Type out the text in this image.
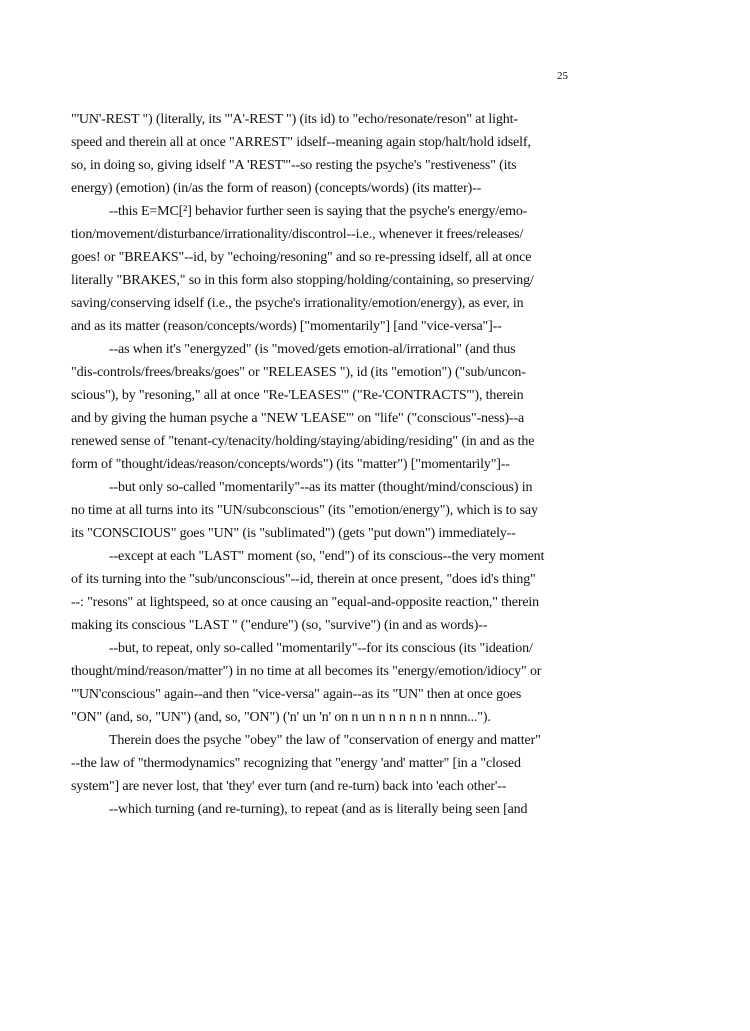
25
"'UN'-REST ") (literally, its "'A'-REST ") (its id) to "echo/resonate/reson" at light-
speed and therein all at once "ARREST" idself--meaning again stop/halt/hold idself,
so, in doing so, giving idself "A 'REST'"--so resting the psyche's "restiveness" (its
energy) (emotion) (in/as the form of reason) (concepts/words) (its matter)--
--this E=MC[²] behavior further seen is saying that the psyche's energy/emo-
tion/movement/disturbance/irrationality/discontrol--i.e., whenever it frees/releases/
goes! or "BREAKS"--id, by "echoing/resoning" and so re-pressing idself, all at once
literally "BRAKES," so in this form also stopping/holding/containing, so preserving/
saving/conserving idself (i.e., the psyche's irrationality/emotion/energy), as ever, in
and as its matter (reason/concepts/words) ["momentarily"] [and "vice-versa"]--
--as when it's "energyzed" (is "moved/gets emotion-al/irrational" (and thus
"dis-controls/frees/breaks/goes" or "RELEASES "), id (its "emotion") ("sub/uncon-
scious"), by "resoning," all at once "Re-'LEASES'" ("Re-'CONTRACTS'"), therein
and by giving the human psyche a "NEW 'LEASE'" on "life" ("conscious"-ness)--a
renewed sense of "tenant-cy/tenacity/holding/staying/abiding/residing" (in and as the
form of "thought/ideas/reason/concepts/words") (its "matter") ["momentarily"]--
--but only so-called "momentarily"--as its matter (thought/mind/conscious) in
no time at all turns into its "UN/subconscious" (its "emotion/energy"), which is to say
its "CONSCIOUS" goes "UN" (is "sublimated") (gets "put down") immediately--
--except at each "LAST" moment (so, "end") of its conscious--the very moment
of its turning into the "sub/unconscious"--id, therein at once present, "does id's thing"
--: "resons" at lightspeed, so at once causing an "equal-and-opposite reaction," therein
making its conscious "LAST " ("endure") (so, "survive") (in and as words)--
--but, to repeat, only so-called "momentarily"--for its conscious (its "ideation/
thought/mind/reason/matter") in no time at all becomes its "energy/emotion/idiocy" or
"'UN'conscious" again--and then "vice-versa" again--as its "UN" then at once goes
"ON" (and, so, "UN") (and, so, "ON") ('n' un 'n' on n un n n n n n n nnnn...").
Therein does the psyche "obey" the law of "conservation of energy and matter"
--the law of "thermodynamics" recognizing that "energy 'and' matter" [in a "closed
system"] are never lost, that 'they' ever turn (and re-turn) back into 'each other'--
--which turning (and re-turning), to repeat (and as is literally being seen [and
